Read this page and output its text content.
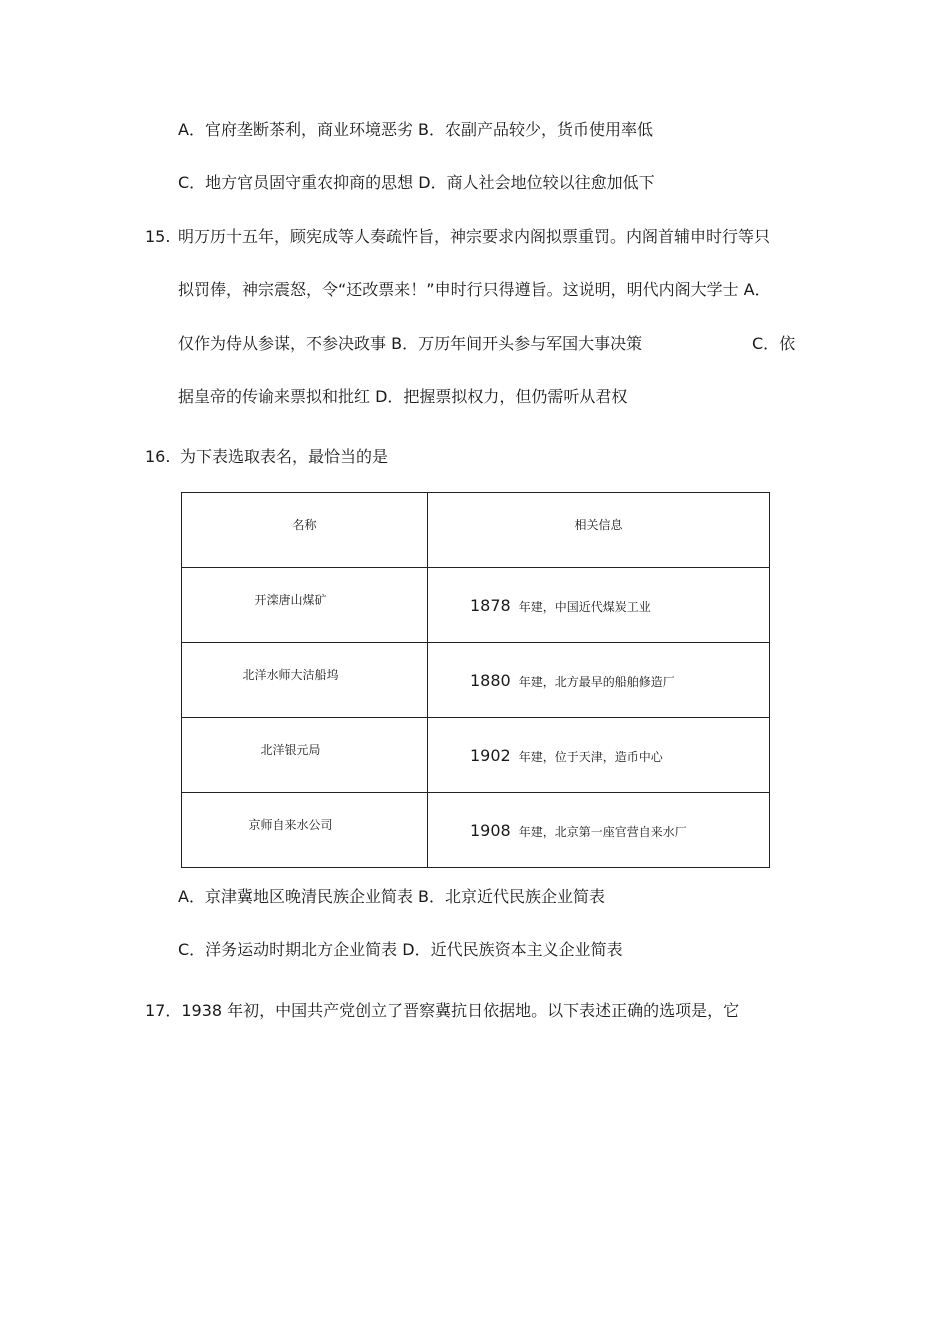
A．官府垄断茶利，商业环境恶劣 B．农副产品较少，货币使用率低
C．地方官员固守重农抑商的思想 D．商人社会地位较以往愈加低下
15. 明万历十五年，顾宪成等人奏疏忤旨，神宗要求内阁拟票重罚。内阁首辅申时行等只
拟罚俸，神宗震怒，令“还改票来！”申时行只得遵旨。这说明，明代内阁大学士 A．
仅作为侍从参谋，不参决政事 B．万历年间开头参与军国大事决策	C．依
据皇帝的传谕来票拟和批红 D．把握票拟权力，但仍需听从君权
16. 为下表选取表名，最恰当的是
名称	相关信息
开滦唐山煤矿	1878 年建，中国近代煤炭工业
北洋水师大沽船坞	1880 年建，北方最早的船舶修造厂
北洋银元局	1902 年建，位于天津，造币中心
京师自来水公司	1908 年建，北京第一座官营自来水厂
A．京津冀地区晚清民族企业简表 B．北京近代民族企业简表
C．洋务运动时期北方企业简表 D．近代民族资本主义企业简表
17．1938 年初，中国共产党创立了晋察冀抗日依据地。以下表述正确的选项是，它
